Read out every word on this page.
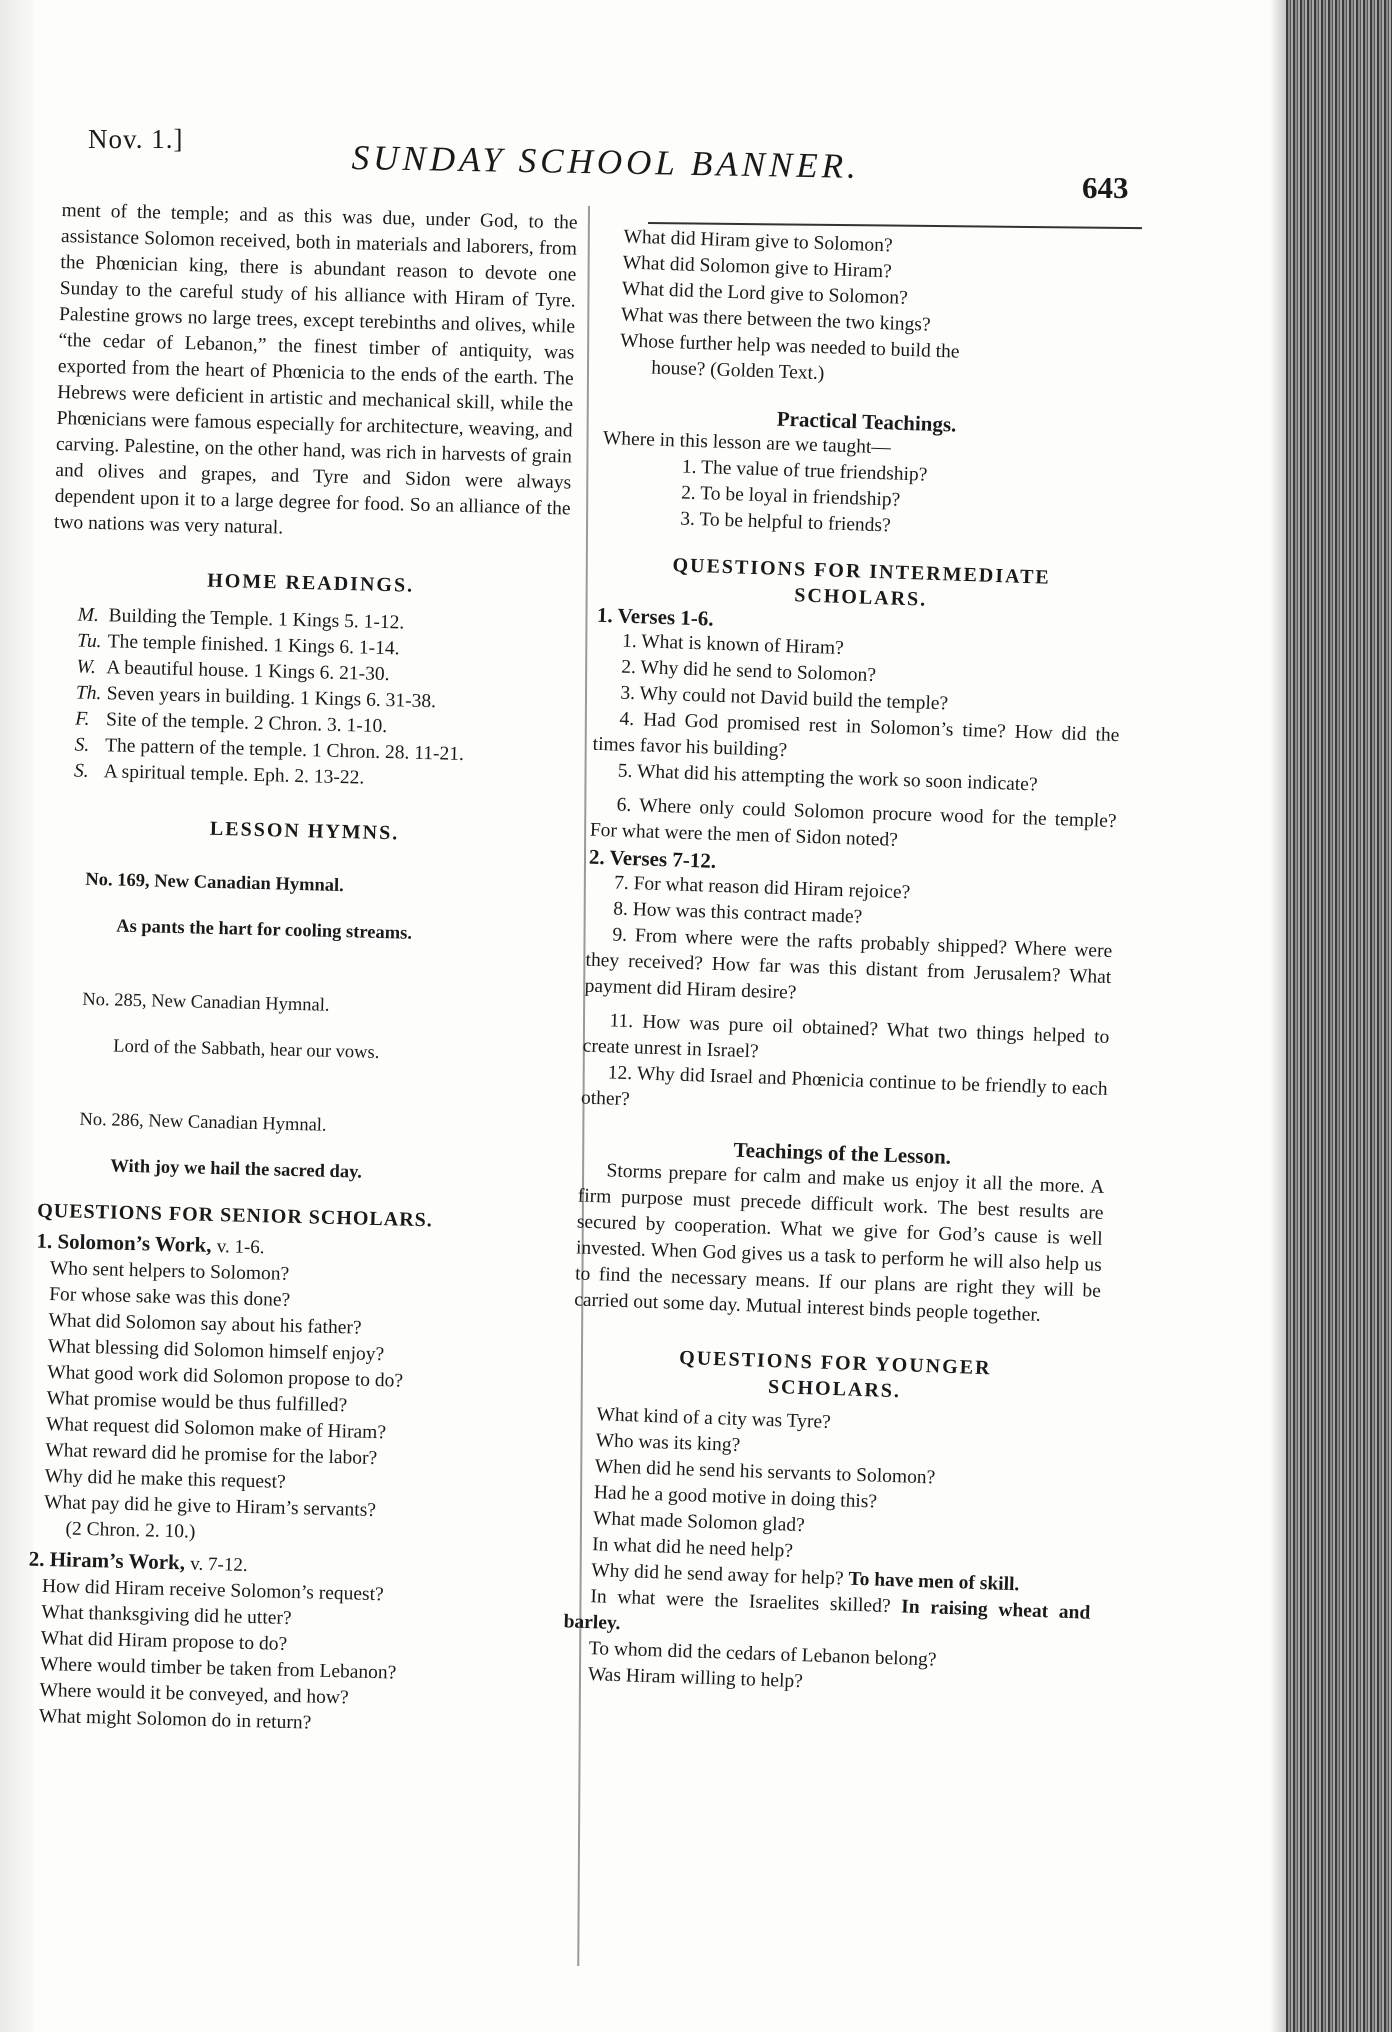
Nov. 1.]	SUNDAY SCHOOL BANNER.
643

ment of the temple; and as this was due, under God, to the assistance Solomon received, both in materials and laborers, from the Phœnician king, there is abundant reason to devote one Sunday to the careful study of his alliance with Hiram of Tyre. Palestine grows no large trees, except terebinths and olives, while “the cedar of Lebanon,” the finest timber of antiquity, was exported from the heart of Phœnicia to the ends of the earth. The Hebrews were deficient in artistic and mechanical skill, while the Phœnicians were famous especially for architecture, weaving, and carving. Palestine, on the other hand, was rich in harvests of grain and olives and grapes, and Tyre and Sidon were always dependent upon it to a large degree for food. So an alliance of the two nations was very natural.

HOME READINGS.
M. Building the Temple. 1 Kings 5. 1-12.
Tu. The temple finished. 1 Kings 6. 1-14.
W. A beautiful house. 1 Kings 6. 21-30.
Th. Seven years in building. 1 Kings 6. 31-38.
F. Site of the temple. 2 Chron. 3. 1-10.
S. The pattern of the temple. 1 Chron. 28. 11-21.
S. A spiritual temple. Eph. 2. 13-22.
LESSON HYMNS.
No. 169, New Canadian Hymnal.
As pants the hart for cooling streams.
No. 285, New Canadian Hymnal.
Lord of the Sabbath, hear our vows.
No. 286, New Canadian Hymnal.
With joy we hail the sacred day.
QUESTIONS FOR SENIOR SCHOLARS.
1. Solomon’s Work, v. 1-6.
Who sent helpers to Solomon?
For whose sake was this done?
What did Solomon say about his father?
What blessing did Solomon himself enjoy?
What good work did Solomon propose to do?
What promise would be thus fulfilled?
What request did Solomon make of Hiram?
What reward did he promise for the labor?
Why did he make this request?
What pay did he give to Hiram’s servants?
(2 Chron. 2. 10.)
2. Hiram’s Work, v. 7-12.
How did Hiram receive Solomon’s request?
What thanksgiving did he utter?
What did Hiram propose to do?
Where would timber be taken from Lebanon?
Where would it be conveyed, and how?
What might Solomon do in return?
What did Hiram give to Solomon?
What did Solomon give to Hiram?
What did the Lord give to Solomon?
What was there between the two kings?
Whose further help was needed to build the
house? (Golden Text.)
Practical Teachings.
Where in this lesson are we taught—
1. The value of true friendship?
2. To be loyal in friendship?
3. To be helpful to friends?
QUESTIONS FOR INTERMEDIATE
SCHOLARS.
1. Verses 1-6.
1. What is known of Hiram?
2. Why did he send to Solomon?
3. Why could not David build the temple?
4. Had God promised rest in Solomon’s time? How did the times favor his building?
5. What did his attempting the work so soon indicate?
6. Where only could Solomon procure wood for the temple? For what were the men of Sidon noted?
2. Verses 7-12.
7. For what reason did Hiram rejoice?
8. How was this contract made?
9. From where were the rafts probably shipped? Where were they received? How far was this distant from Jerusalem? What payment did Hiram desire?
11. How was pure oil obtained? What two things helped to create unrest in Israel?
12. Why did Israel and Phœnicia continue to be friendly to each other?
Teachings of the Lesson.

Storms prepare for calm and make us enjoy it all the more. A firm purpose must precede difficult work. The best results are secured by cooperation. What we give for God’s cause is well invested. When God gives us a task to perform he will also help us to find the necessary means. If our plans are right they will be carried out some day. Mutual interest binds people together.

QUESTIONS FOR YOUNGER
SCHOLARS.
What kind of a city was Tyre?
Who was its king?
When did he send his servants to Solomon?
Had he a good motive in doing this?
What made Solomon glad?
In what did he need help?
Why did he send away for help? To have men of skill.
In what were the Israelites skilled? In raising wheat and barley.
To whom did the cedars of Lebanon belong?
Was Hiram willing to help?
